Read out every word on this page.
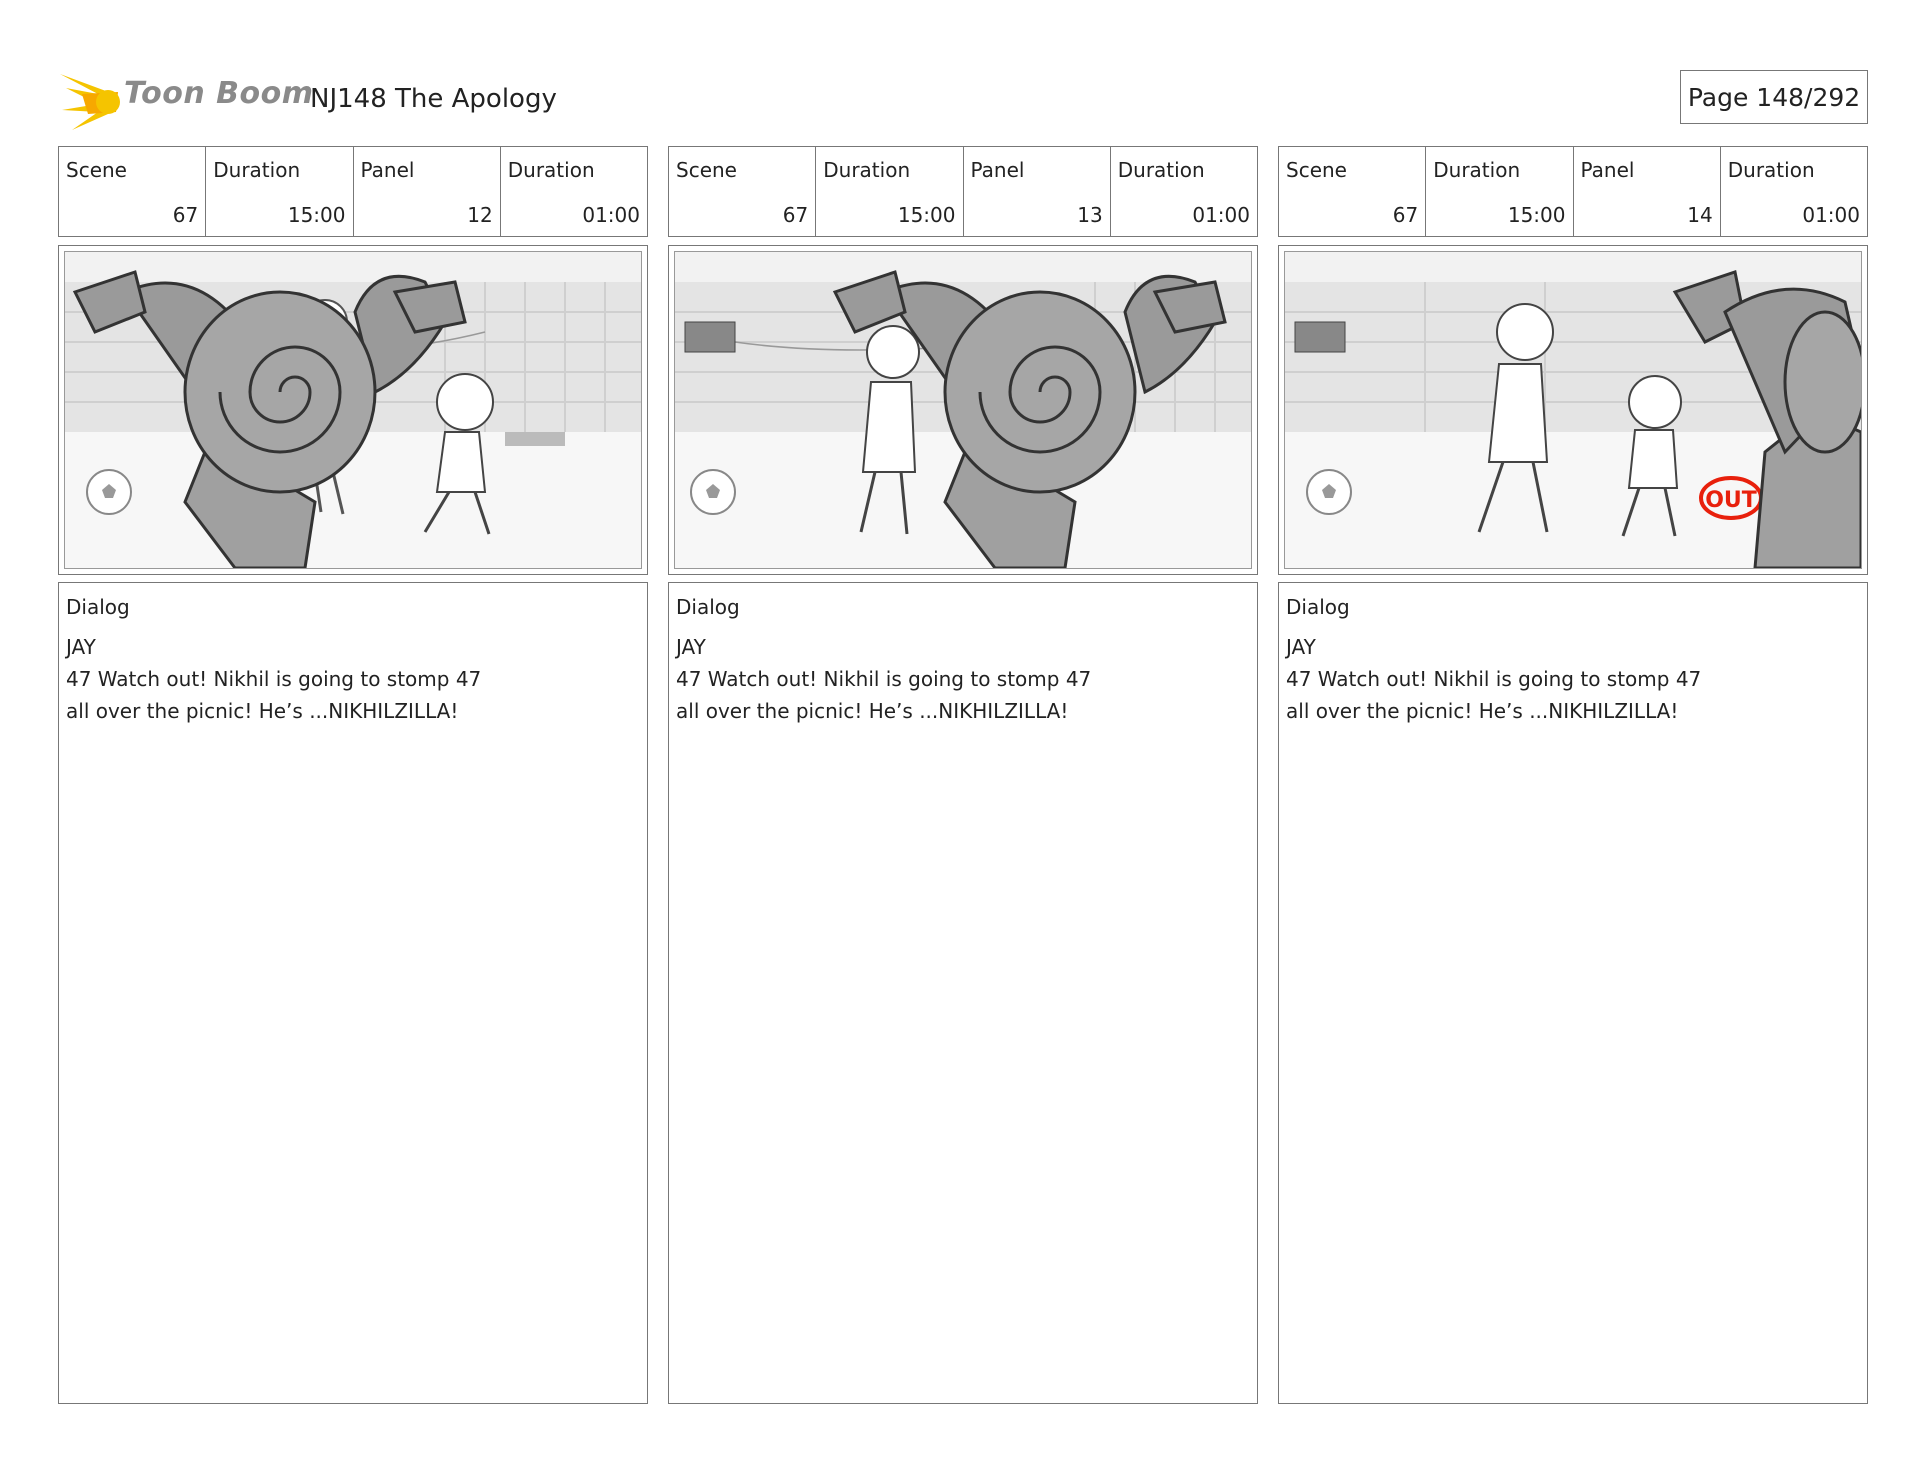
Toon Boom
NJ148 The Apology	Page 148/292
Scene
67
Duration
15:00
Panel
12
Duration
01:00
Dialog
JAY
47 Watch out! Nikhil is going to stomp 47
all over the picnic! He’s ...NIKHILZILLA!
Scene
67
Duration
15:00
Panel
13
Duration
01:00
Dialog
JAY
47 Watch out! Nikhil is going to stomp 47
all over the picnic! He’s ...NIKHILZILLA!
Scene
67
Duration
15:00
Panel
14
Duration
01:00
OUT
Dialog
JAY
47 Watch out! Nikhil is going to stomp 47
all over the picnic! He’s ...NIKHILZILLA!
